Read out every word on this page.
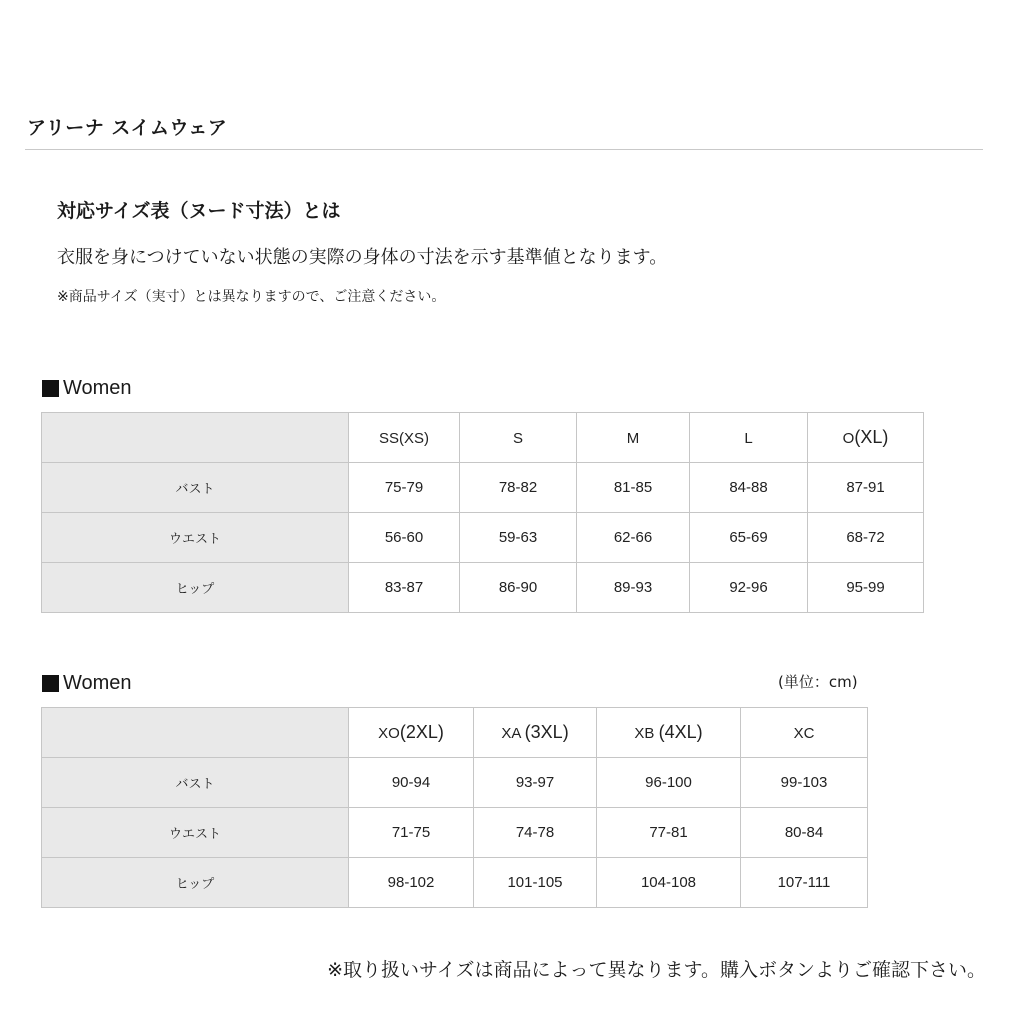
アリーナ スイムウェア
対応サイズ表（ヌード寸法）とは
衣服を身につけていない状態の実際の身体の寸法を示す基準値となります。
※商品サイズ（実寸）とは異なりますので、ご注意ください。
Women
	SS(XS)	S	M	L	O(XL)
バスト	75-79	78-82	81-85	84-88	87-91
ウエスト	56-60	59-63	62-66	65-69	68-72
ヒップ	83-87	86-90	89-93	92-96	95-99
Women	(単位：cm)
	XO(2XL)	XA (3XL)	XB (4XL)	XC
バスト	90-94	93-97	96-100	99-103
ウエスト	71-75	74-78	77-81	80-84
ヒップ	98-102	101-105	104-108	107-111
※取り扱いサイズは商品によって異なります。購入ボタンよりご確認下さい。
